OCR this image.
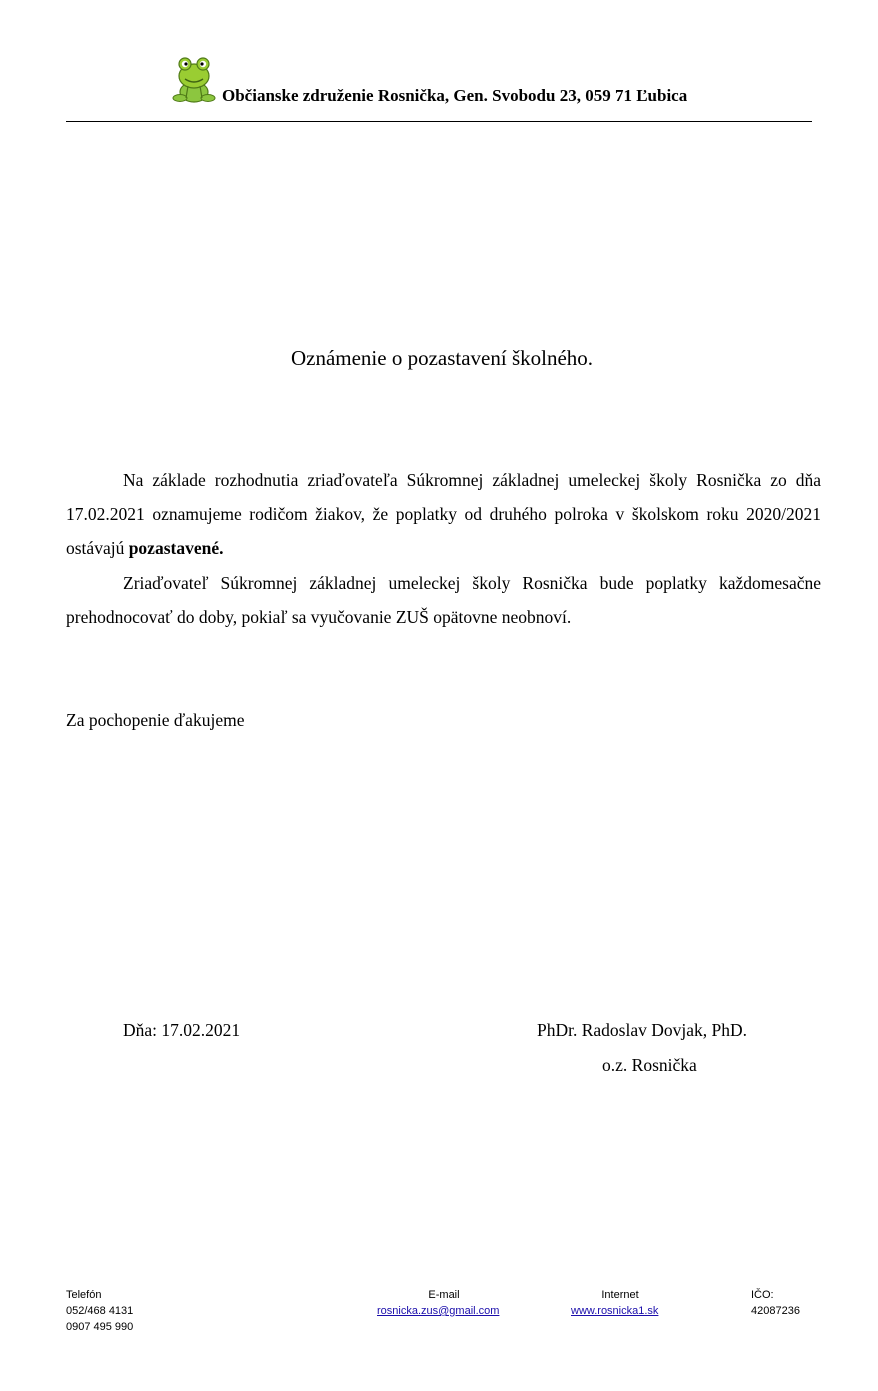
Občianske združenie Rosnička, Gen. Svobodu 23, 059 71 Ľubica
Oznámenie o pozastavení školného.

Na základe rozhodnutia zriaďovateľa Súkromnej základnej umeleckej školy Rosnička zo dňa 17.02.2021 oznamujeme rodičom žiakov, že poplatky od druhého polroka v školskom roku 2020/2021 ostávajú pozastavené.

Zriaďovateľ Súkromnej základnej umeleckej školy Rosnička bude poplatky každomesačne prehodnocovať do doby, pokiaľ sa vyučovanie ZUŠ opätovne neobnoví.

Za pochopenie ďakujeme
Dňa: 17.02.2021	PhDr. Radoslav Dovjak, PhD.
o.z. Rosnička
Telefón
052/468 4131
0907 495 990
E-mail
rosnicka.zus@gmail.com
Internet
www.rosnicka1.sk
IČO:
42087236
